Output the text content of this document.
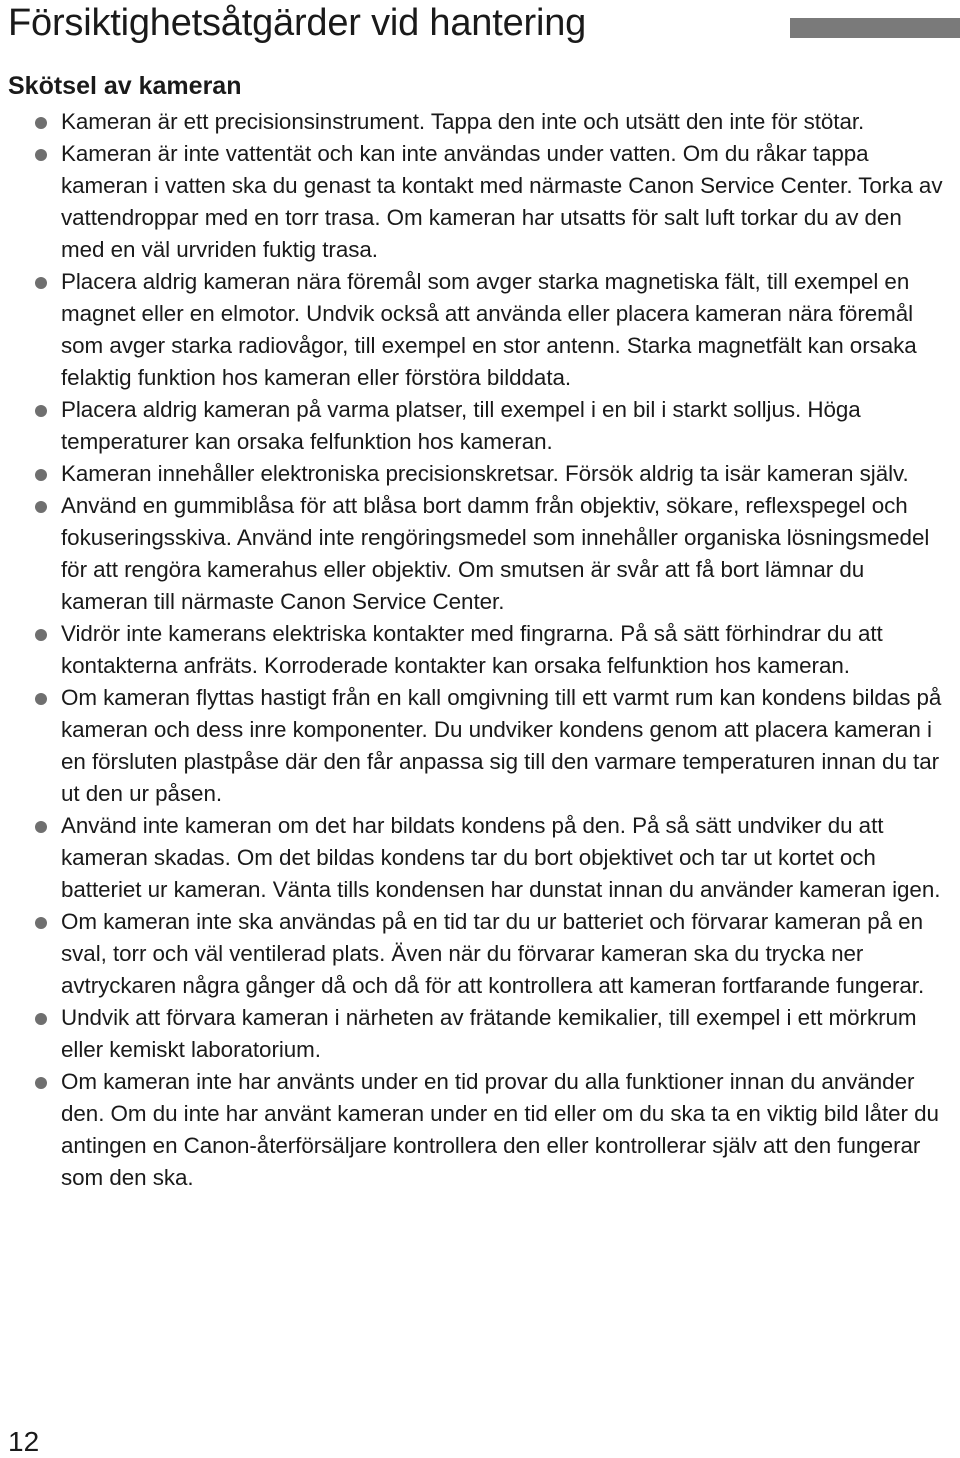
Försiktighetsåtgärder vid hantering
Skötsel av kameran
Kameran är ett precisionsinstrument. Tappa den inte och utsätt den inte för stötar.
Kameran är inte vattentät och kan inte användas under vatten. Om du råkar tappa kameran i vatten ska du genast ta kontakt med närmaste Canon Service Center. Torka av vattendroppar med en torr trasa. Om kameran har utsatts för salt luft torkar du av den med en väl urvriden fuktig trasa.
Placera aldrig kameran nära föremål som avger starka magnetiska fält, till exempel en magnet eller en elmotor. Undvik också att använda eller placera kameran nära föremål som avger starka radiovågor, till exempel en stor antenn. Starka magnetfält kan orsaka felaktig funktion hos kameran eller förstöra bilddata.
Placera aldrig kameran på varma platser, till exempel i en bil i starkt solljus. Höga temperaturer kan orsaka felfunktion hos kameran.
Kameran innehåller elektroniska precisionskretsar. Försök aldrig ta isär kameran själv.
Använd en gummiblåsa för att blåsa bort damm från objektiv, sökare, reflexspegel och fokuseringsskiva. Använd inte rengöringsmedel som innehåller organiska lösningsmedel för att rengöra kamerahus eller objektiv. Om smutsen är svår att få bort lämnar du kameran till närmaste Canon Service Center.
Vidrör inte kamerans elektriska kontakter med fingrarna. På så sätt förhindrar du att kontakterna anfräts. Korroderade kontakter kan orsaka felfunktion hos kameran.
Om kameran flyttas hastigt från en kall omgivning till ett varmt rum kan kondens bildas på kameran och dess inre komponenter. Du undviker kondens genom att placera kameran i en försluten plastpåse där den får anpassa sig till den varmare temperaturen innan du tar ut den ur påsen.
Använd inte kameran om det har bildats kondens på den. På så sätt undviker du att kameran skadas. Om det bildas kondens tar du bort objektivet och tar ut kortet och batteriet ur kameran. Vänta tills kondensen har dunstat innan du använder kameran igen.
Om kameran inte ska användas på en tid tar du ur batteriet och förvarar kameran på en sval, torr och väl ventilerad plats. Även när du förvarar kameran ska du trycka ner avtryckaren några gånger då och då för att kontrollera att kameran fortfarande fungerar.
Undvik att förvara kameran i närheten av frätande kemikalier, till exempel i ett mörkrum eller kemiskt laboratorium.
Om kameran inte har använts under en tid provar du alla funktioner innan du använder den. Om du inte har använt kameran under en tid eller om du ska ta en viktig bild låter du antingen en Canon-återförsäljare kontrollera den eller kontrollerar själv att den fungerar som den ska.
12
